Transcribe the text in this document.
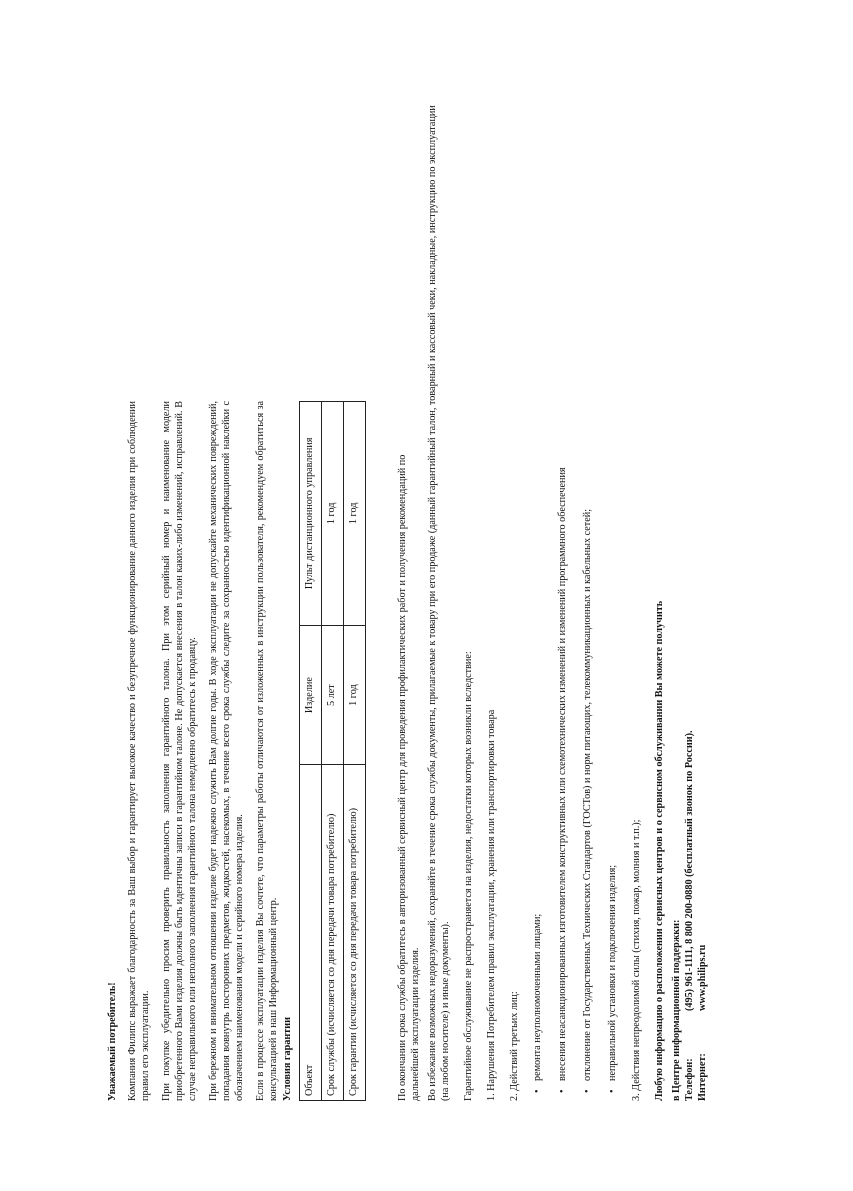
Уважаемый потребитель! Компания Филипс выражает благодарность за Ваш выбор и гарантирует высокое качество и безупречное функционирование данного изделия при соблюдении правил его эксплуатации. При покупке убедительно просим проверить правильность заполнения гарантийного талона. При этом серийный номер и наименование модели приобретенного Вами изделия должны быть идентичны записи в гарантийном талоне. Не допускается внесения в талон каких-либо изменений, исправлений. В случае неправильного или неполного заполнения гарантийного талона немедленно обратитесь к продавцу. При бережном и внимательном отношении изделие будет надежно служить Вам долгие годы. В ходе эксплуатации не допускайте механических повреждений, попадания вовнутрь посторонних предметов, жидкостей, насекомых, в течение всего срока службы следите за сохранностью идентификационной наклейки с обозначением наименования модели и серийного номера изделия. Если в процессе эксплуатации изделия Вы сочтете, что параметры работы отличаются от изложенных в инструкции пользователя, рекомендуем обратиться за консультацией в наш Информационный центр. Условия гарантии Объект	Изделие	Пульт дистанционного управления
Срок службы (исчисляется со дня передачи товара потребителю)	5 лет	1 год
Срок гарантии (исчисляется со дня передачи товара потребителю)	1 год	1 год	По окончании срока службы обратитесь в авторизованный сервисный центр для проведения профилактических работ и получения рекомендаций по дальнейшей эксплуатации изделия. Во избежание возможных недоразумений, сохраняйте в течение срока службы документы, прилагаемые к товару при его продаже (данный гарантийный талон, товарный и кассовый чеки, накладные, инструкцию по эксплуатации (на любом носителе) и иные документы). Гарантийное обслуживание не распространяется на изделия, недостатки которых возникли вследствие: 1. Нарушения Потребителем правил эксплуатации, хранения или транспортировки товара 2. Действий третьих лиц: •ремонта неуполномоченными лицами;
•внесения неасанкционированных изготовителем конструктивных или схемотехнических изменений и изменений программного обеспечения
•отклонение от Государственных Технических Стандартов (ГОСТов) и норм питающих, телекоммуникационных и кабельных сетей;
•неправильной установки и подключения изделия; 3. Действия непреодолимой силы (стихия, пожар, молния и т.п.); Любую информацию о расположении сервисных центров и о сервисном обслуживании Вы можете получить в Центре информационной поддержки: Телефон:
(495) 961-1111, 8 800 200-0880 (бесплатный звонок по России).
Интернет:
www.philips.ru
